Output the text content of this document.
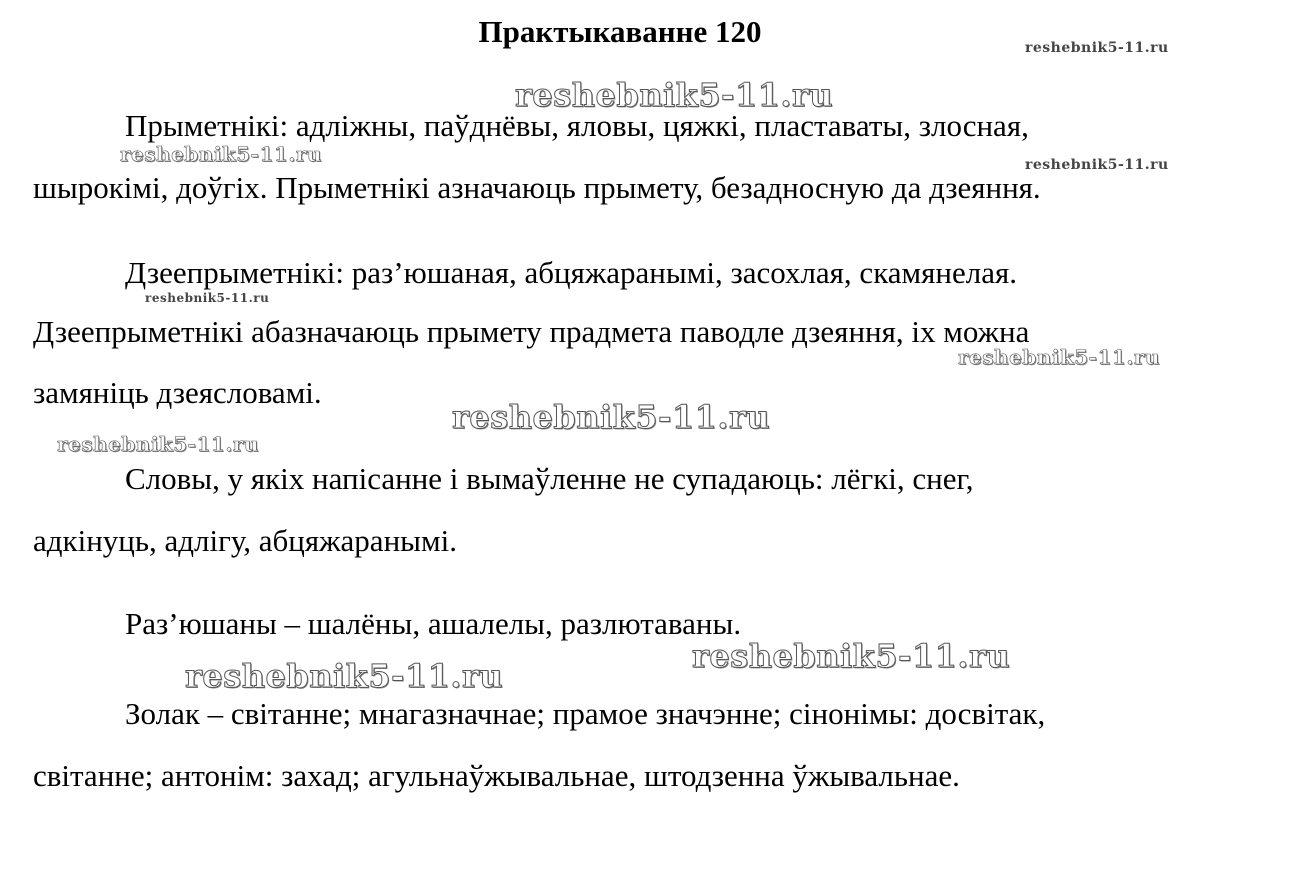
Практыкаванне 120
Прыметнікі: адліжны, паўднёвы, яловы, цяжкі, пластаваты, злосная,
шырокімі, доўгіх. Прыметнікі азначаюць прымету, безадносную да дзеяння.
Дзеепрыметнікі: раз’юшаная, абцяжаранымі, засохлая, скамянелая.
Дзеепрыметнікі абазначаюць прымету прадмета паводле дзеяння, іх можна
замяніць дзеясловамі.
Словы, у якіх напісанне і вымаўленне не супадаюць: лёгкі, снег,
адкінуць, адлігу, абцяжаранымі.
Раз’юшаны – шалёны, ашалелы, разлютаваны.
Золак – світанне; мнагазначнае; прамое значэнне; сінонімы: досвітак,
світанне; антонім: захад; агульнаўжывальнае, штодзенна ўжывальнае.
reshebnik5-11.ru
reshebnik5-11.ru
reshebnik5-11.ru	reshebnik5-11.ru
reshebnik5-11.ru
reshebnik5-11.ru
reshebnik5-11.ru
reshebnik5-11.ru
reshebnik5-11.ru
reshebnik5-11.ru
